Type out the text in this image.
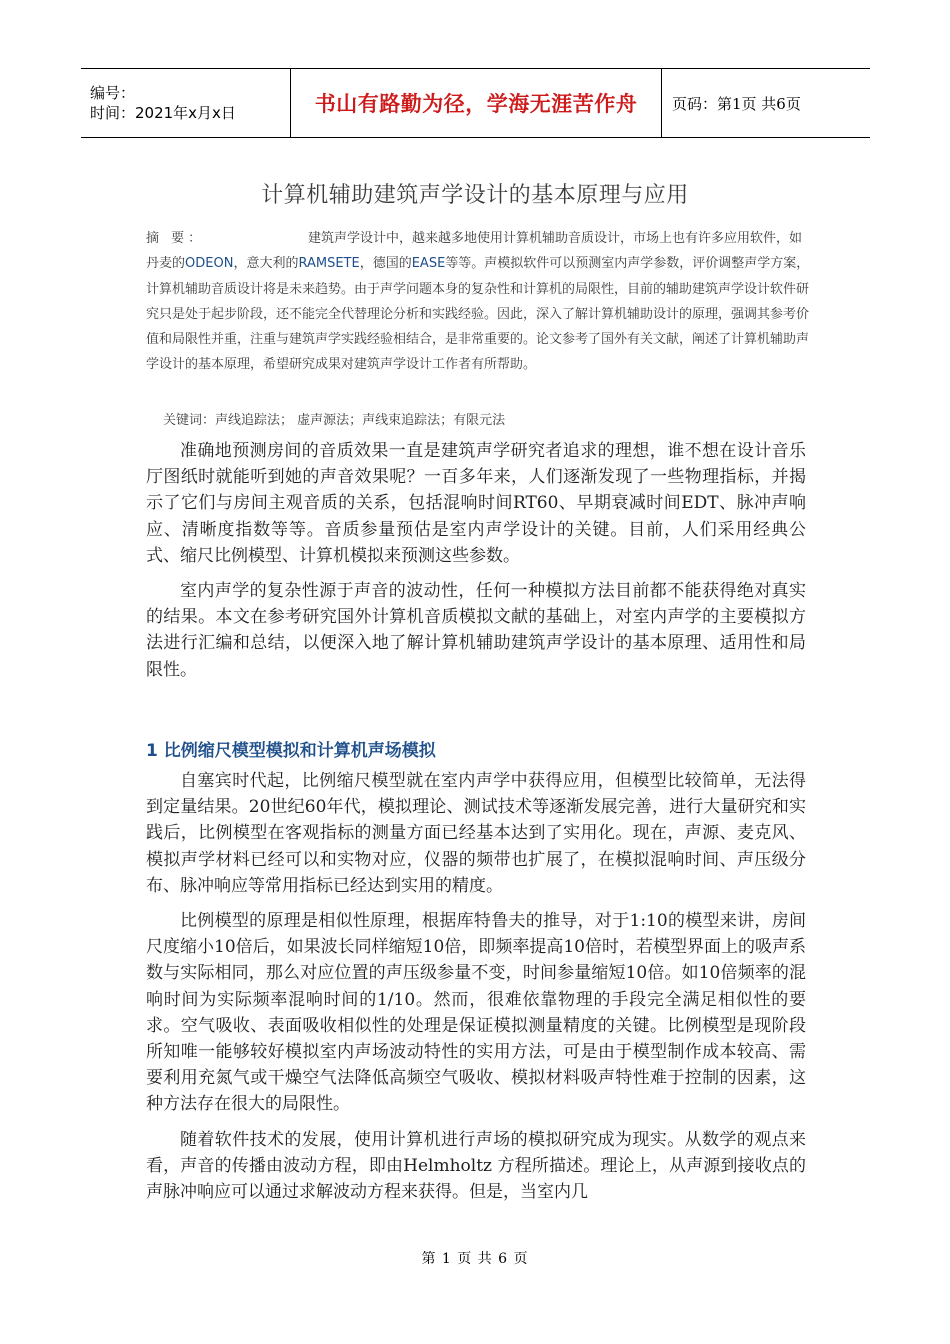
编号：
时间：2021年x月x日	书山有路勤为径，学海无涯苦作舟	页码：第1页 共6页
计算机辅助建筑声学设计的基本原理与应用
摘 要：	建筑声学设计中，越来越多地使用计算机辅助音质设计，市场上也有许多应用软件，如丹麦的ODEON，意大利的RAMSETE，德国的EASE等等。声模拟软件可以预测室内声学参数，评价调整声学方案，计算机辅助音质设计将是未来趋势。由于声学问题本身的复杂性和计算机的局限性，目前的辅助建筑声学设计软件研究只是处于起步阶段，还不能完全代替理论分析和实践经验。因此，深入了解计算机辅助设计的原理，强调其参考价值和局限性并重，注重与建筑声学实践经验相结合，是非常重要的。论文参考了国外有关文献，阐述了计算机辅助声学设计的基本原理，希望研究成果对建筑声学设计工作者有所帮助。
关键词：声线追踪法； 虚声源法；声线束追踪法；有限元法

准确地预测房间的音质效果一直是建筑声学研究者追求的理想，谁不想在设计音乐厅图纸时就能听到她的声音效果呢？一百多年来，人们逐渐发现了一些物理指标，并揭示了它们与房间主观音质的关系，包括混响时间RT60、早期衰减时间EDT、脉冲声响应、清晰度指数等等。音质参量预估是室内声学设计的关键。目前，人们采用经典公式、缩尺比例模型、计算机模拟来预测这些参数。

室内声学的复杂性源于声音的波动性，任何一种模拟方法目前都不能获得绝对真实的结果。本文在参考研究国外计算机音质模拟文献的基础上，对室内声学的主要模拟方法进行汇编和总结，以便深入地了解计算机辅助建筑声学设计的基本原理、适用性和局限性。

1 比例缩尺模型模拟和计算机声场模拟

自塞宾时代起，比例缩尺模型就在室内声学中获得应用，但模型比较简单，无法得到定量结果。20世纪60年代，模拟理论、测试技术等逐渐发展完善，进行大量研究和实践后，比例模型在客观指标的测量方面已经基本达到了实用化。现在，声源、麦克风、模拟声学材料已经可以和实物对应，仪器的频带也扩展了，在模拟混响时间、声压级分布、脉冲响应等常用指标已经达到实用的精度。

比例模型的原理是相似性原理，根据库特鲁夫的推导，对于1:10的模型来讲，房间尺度缩小10倍后，如果波长同样缩短10倍，即频率提高10倍时，若模型界面上的吸声系数与实际相同，那么对应位置的声压级参量不变，时间参量缩短10倍。如10倍频率的混响时间为实际频率混响时间的1/10。然而，很难依靠物理的手段完全满足相似性的要求。空气吸收、表面吸收相似性的处理是保证模拟测量精度的关键。比例模型是现阶段所知唯一能够较好模拟室内声场波动特性的实用方法，可是由于模型制作成本较高、需要利用充氮气或干燥空气法降低高频空气吸收、模拟材料吸声特性难于控制的因素，这种方法存在很大的局限性。

随着软件技术的发展，使用计算机进行声场的模拟研究成为现实。从数学的观点来看，声音的传播由波动方程，即由Helmholtz 方程所描述。理论上，从声源到接收点的声脉冲响应可以通过求解波动方程来获得。但是，当室内几

第 1 页 共 6 页
